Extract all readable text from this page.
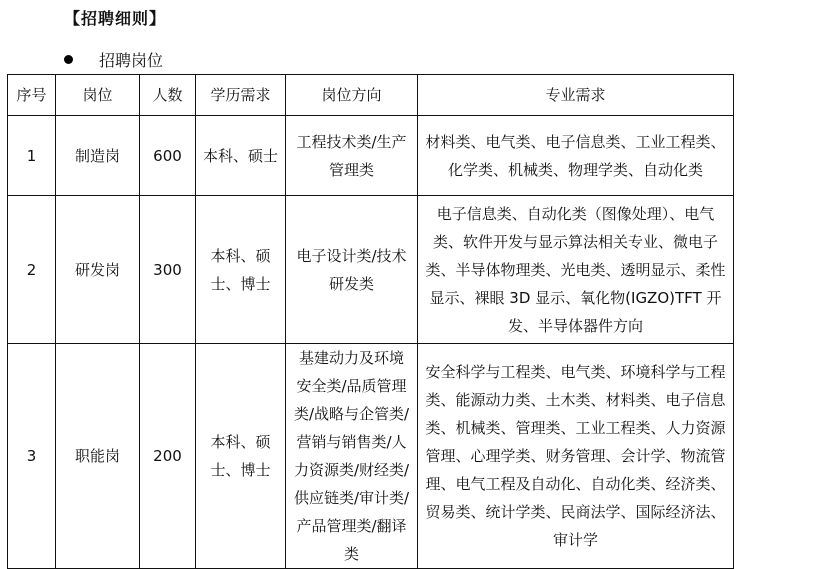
【招聘细则】
招聘岗位
序号	岗位	人数	学历需求	岗位方向	专业需求
1	制造岗	600	本科、硕士	工程技术类/生产管理类	材料类、电气类、电子信息类、工业工程类、化学类、机械类、物理学类、自动化类
2	研发岗	300	本科、硕士、博士	电子设计类/技术研发类	电子信息类、自动化类（图像处理）、电气类、软件开发与显示算法相关专业、微电子类、半导体物理类、光电类、透明显示、柔性显示、裸眼 3D 显示、氧化物(IGZO)TFT 开发、半导体器件方向
3	职能岗	200	本科、硕士、博士	基建动力及环境安全类/品质管理类/战略与企管类/营销与销售类/人力资源类/财经类/供应链类/审计类/产品管理类/翻译类	安全科学与工程类、电气类、环境科学与工程类、能源动力类、土木类、材料类、电子信息类、机械类、管理类、工业工程类、人力资源管理、心理学类、财务管理、会计学、物流管理、电气工程及自动化、自动化类、经济类、贸易类、统计学类、民商法学、国际经济法、审计学
